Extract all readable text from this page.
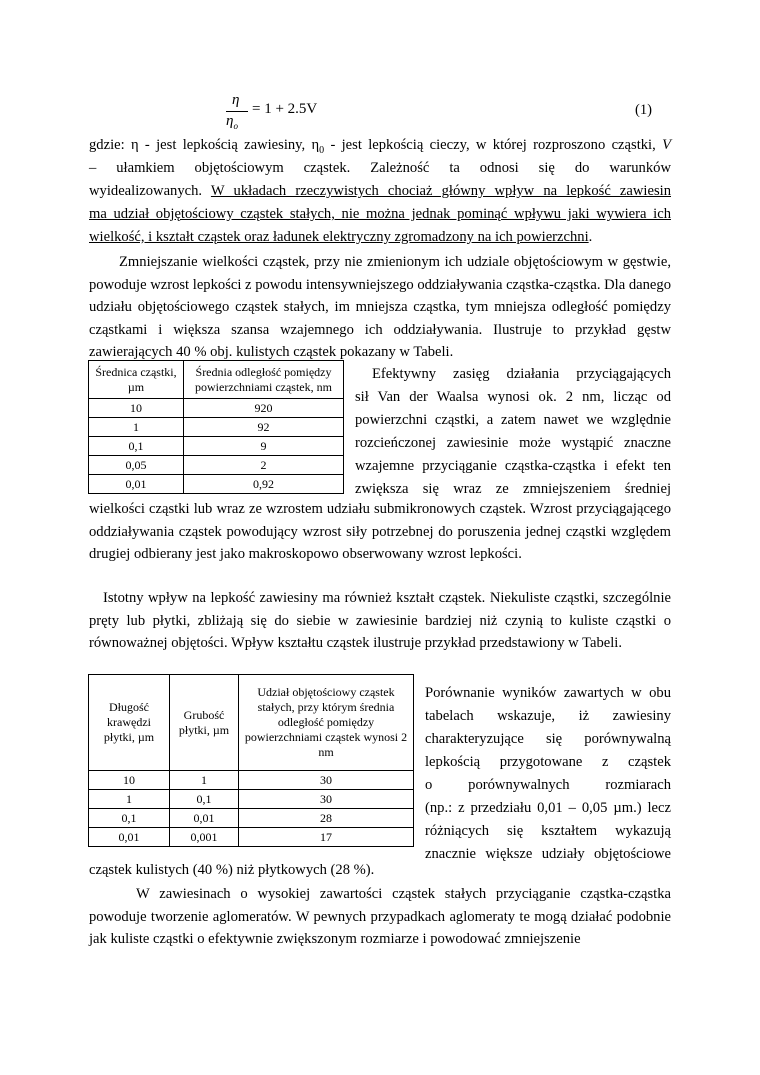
η
$\eta_o$
= 1 + 2.5V	(1)
gdzie: η - jest lepkością zawiesiny, $\eta_0$ - jest lepkością cieczy, w której rozproszono cząstki, V
– ułamkiem objętościowym cząstek. Zależność ta odnosi się do warunków
wyidealizowanych. W układach rzeczywistych chociaż główny wpływ na lepkość zawiesin
ma udział objętościowy cząstek stałych, nie można jednak pominąć wpływu jaki wywiera ich
wielkość, i kształt cząstek oraz ładunek elektryczny zgromadzony na ich powierzchni.
Zmniejszanie wielkości cząstek, przy nie zmienionym ich udziale objętościowym w gęstwie, powoduje wzrost lepkości z powodu intensywniejszego oddziaływania cząstka-cząstka. Dla danego udziału objętościowego cząstek stałych, im mniejsza cząstka, tym mniejsza odległość pomiędzy cząstkami i większa szansa wzajemnego ich oddziaływania. Ilustruje to przykład gęstw zawierających 40 % obj. kulistych cząstek pokazany w Tabeli.
Średnica cząstki, µm	Średnia odległość pomiędzy powierzchniami cząstek, nm
10	920
1	92
0,1	9
0,05	2
0,01	0,92
Efektywny zasięg działania przyciągających
sił Van der Waalsa wynosi ok. 2 nm, licząc od
powierzchni cząstki, a zatem nawet we względnie
rozcieńczonej zawiesinie może wystąpić znaczne
wzajemne przyciąganie cząstka-cząstka i efekt ten
zwiększa się wraz ze zmniejszeniem średniej
wielkości cząstki lub wraz ze wzrostem udziału submikronowych cząstek. Wzrost przyciągającego oddziaływania cząstek powodujący wzrost siły potrzebnej do poruszenia jednej cząstki względem drugiej odbierany jest jako makroskopowo obserwowany wzrost lepkości.
Istotny wpływ na lepkość zawiesiny ma również kształt cząstek. Niekuliste cząstki, szczególnie pręty lub płytki, zbliżają się do siebie w zawiesinie bardziej niż czynią to kuliste cząstki o równoważnej objętości. Wpływ kształtu cząstek ilustruje przykład przedstawiony w Tabeli.
Długość krawędzi płytki, µm	Grubość płytki, µm	Udział objętościowy cząstek stałych, przy którym średnia odległość pomiędzy powierzchniami cząstek wynosi 2 nm
10	1	30
1	0,1	30
0,1	0,01	28
0,01	0,001	17
Porównanie wyników zawartych w obu
tabelach wskazuje, iż zawiesiny
charakteryzujące się porównywalną
lepkością przygotowane z cząstek
o porównywalnych rozmiarach
(np.: z przedziału 0,01 – 0,05 µm.) lecz
różniących się kształtem wykazują
znacznie większe udziały objętościowe
cząstek kulistych (40 %) niż płytkowych (28 %).
W zawiesinach o wysokiej zawartości cząstek stałych przyciąganie cząstka-cząstka powoduje tworzenie aglomeratów. W pewnych przypadkach aglomeraty te mogą działać podobnie jak kuliste cząstki o efektywnie zwiększonym rozmiarze i powodować zmniejszenie
